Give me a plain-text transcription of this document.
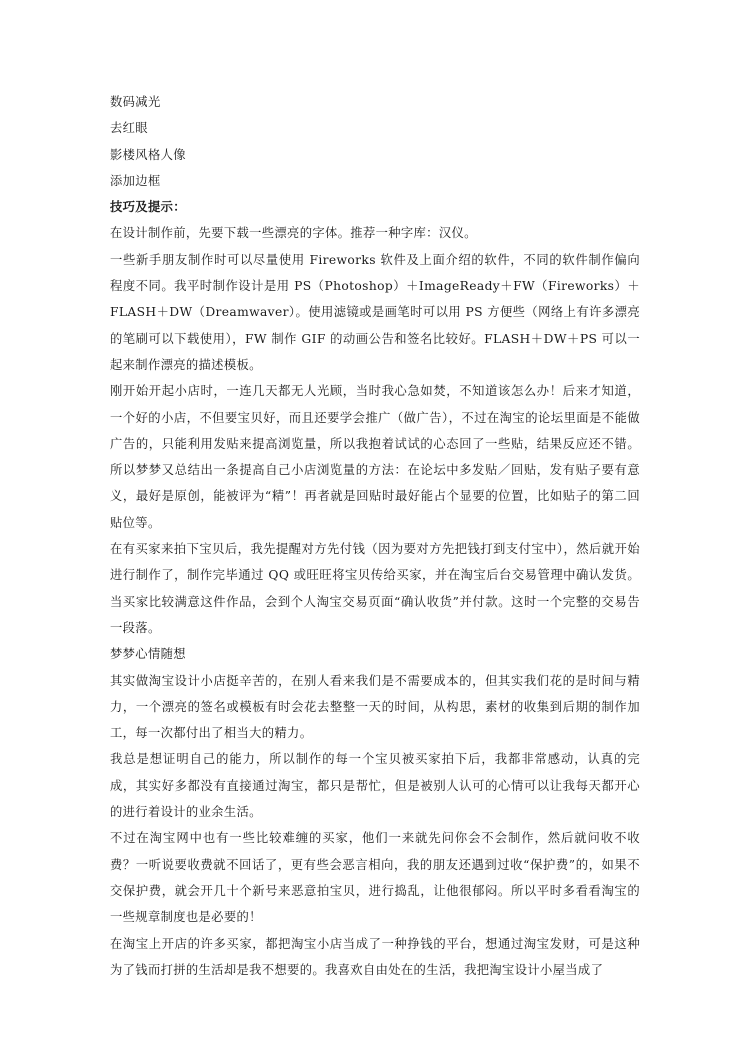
数码减光
去红眼
影楼风格人像
添加边框
技巧及提示：
在设计制作前，先要下载一些漂亮的字体。推荐一种字库：汉仪。
一些新手朋友制作时可以尽量使用 Fireworks 软件及上面介绍的软件，不同的软件制作偏向程度不同。我平时制作设计是用 PS（Photoshop）＋ImageReady＋FW（Fireworks）＋FLASH＋DW（Dreamwaver）。使用滤镜或是画笔时可以用 PS 方便些（网络上有许多漂亮的笔刷可以下载使用），FW 制作 GIF 的动画公告和签名比较好。FLASH＋DW＋PS 可以一起来制作漂亮的描述模板。
刚开始开起小店时，一连几天都无人光顾，当时我心急如焚，不知道该怎么办！后来才知道，一个好的小店，不但要宝贝好，而且还要学会推广（做广告），不过在淘宝的论坛里面是不能做广告的，只能利用发贴来提高浏览量，所以我抱着试试的心态回了一些贴，结果反应还不错。所以梦梦又总结出一条提高自己小店浏览量的方法：在论坛中多发贴／回贴，发有贴子要有意义，最好是原创，能被评为“精”！再者就是回贴时最好能占个显要的位置，比如贴子的第二回贴位等。
在有买家来拍下宝贝后，我先提醒对方先付钱（因为要对方先把钱打到支付宝中），然后就开始进行制作了，制作完毕通过 QQ 或旺旺将宝贝传给买家，并在淘宝后台交易管理中确认发货。当买家比较满意这件作品，会到个人淘宝交易页面“确认收货”并付款。这时一个完整的交易告一段落。
梦梦心情随想
其实做淘宝设计小店挺辛苦的，在别人看来我们是不需要成本的，但其实我们花的是时间与精力，一个漂亮的签名或模板有时会花去整整一天的时间，从构思，素材的收集到后期的制作加工，每一次都付出了相当大的精力。
我总是想证明自己的能力，所以制作的每一个宝贝被买家拍下后，我都非常感动，认真的完成，其实好多都没有直接通过淘宝，都只是帮忙，但是被别人认可的心情可以让我每天都开心的进行着设计的业余生活。
不过在淘宝网中也有一些比较难缠的买家，他们一来就先问你会不会制作，然后就问收不收费？一听说要收费就不回话了，更有些会恶言相向，我的朋友还遇到过收“保护费”的，如果不交保护费，就会开几十个新号来恶意拍宝贝，进行捣乱，让他很郁闷。所以平时多看看淘宝的一些规章制度也是必要的！
在淘宝上开店的许多买家，都把淘宝小店当成了一种挣钱的平台，想通过淘宝发财，可是这种为了钱而打拼的生活却是我不想要的。我喜欢自由处在的生活，我把淘宝设计小屋当成了
